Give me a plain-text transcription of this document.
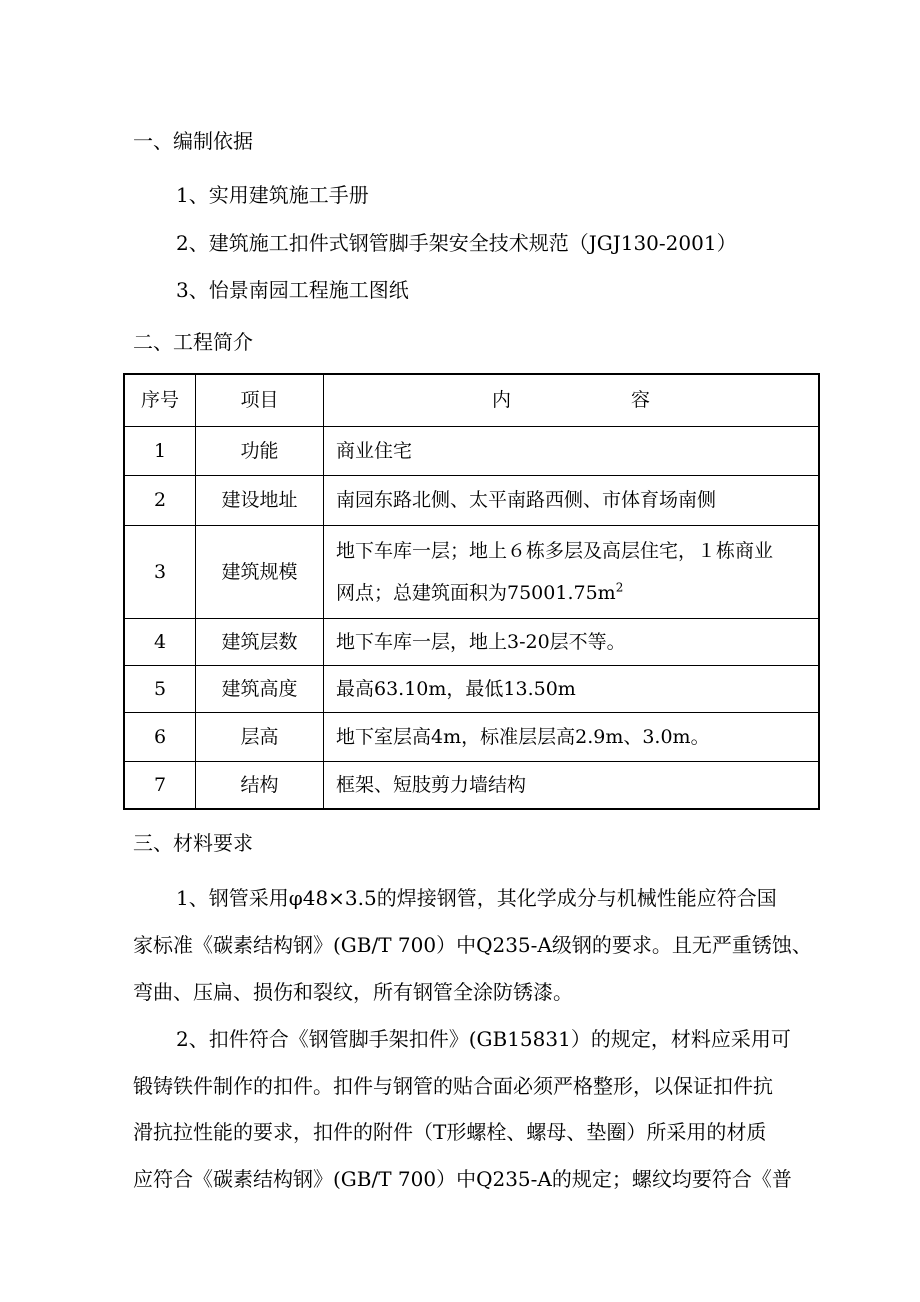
一、编制依据
1、实用建筑施工手册
2、建筑施工扣件式钢管脚手架安全技术规范（JGJ130-2001）
3、怡景南园工程施工图纸
二、工程简介
序号	项目	内 容
1	功能	商业住宅
2	建设地址	南园东路北侧、太平南路西侧、市体育场南侧
3	建筑规模	地下车库一层；地上６栋多层及高层住宅，１栋商业
网点；总建筑面积为$75001.75m^2$

4	建筑层数	地下车库一层，地上3-20层不等。
5	建筑高度	最高63.10m，最低13.50m
6	层高	地下室层高4m，标准层层高2.9m、3.0m。
7	结构	框架、短肢剪力墙结构
三、材料要求
1、钢管采用φ48×3.5的焊接钢管，其化学成分与机械性能应符合国
家标准《碳素结构钢》(GB/T 700）中Q235-A级钢的要求。且无严重锈蚀、
弯曲、压扁、损伤和裂纹，所有钢管全涂防锈漆。
2、扣件符合《钢管脚手架扣件》(GB15831）的规定，材料应采用可
锻铸铁件制作的扣件。扣件与钢管的贴合面必须严格整形，以保证扣件抗
滑抗拉性能的要求，扣件的附件（T形螺栓、螺母、垫圈）所采用的材质
应符合《碳素结构钢》(GB/T 700）中Q235-A的规定；螺纹均要符合《普
